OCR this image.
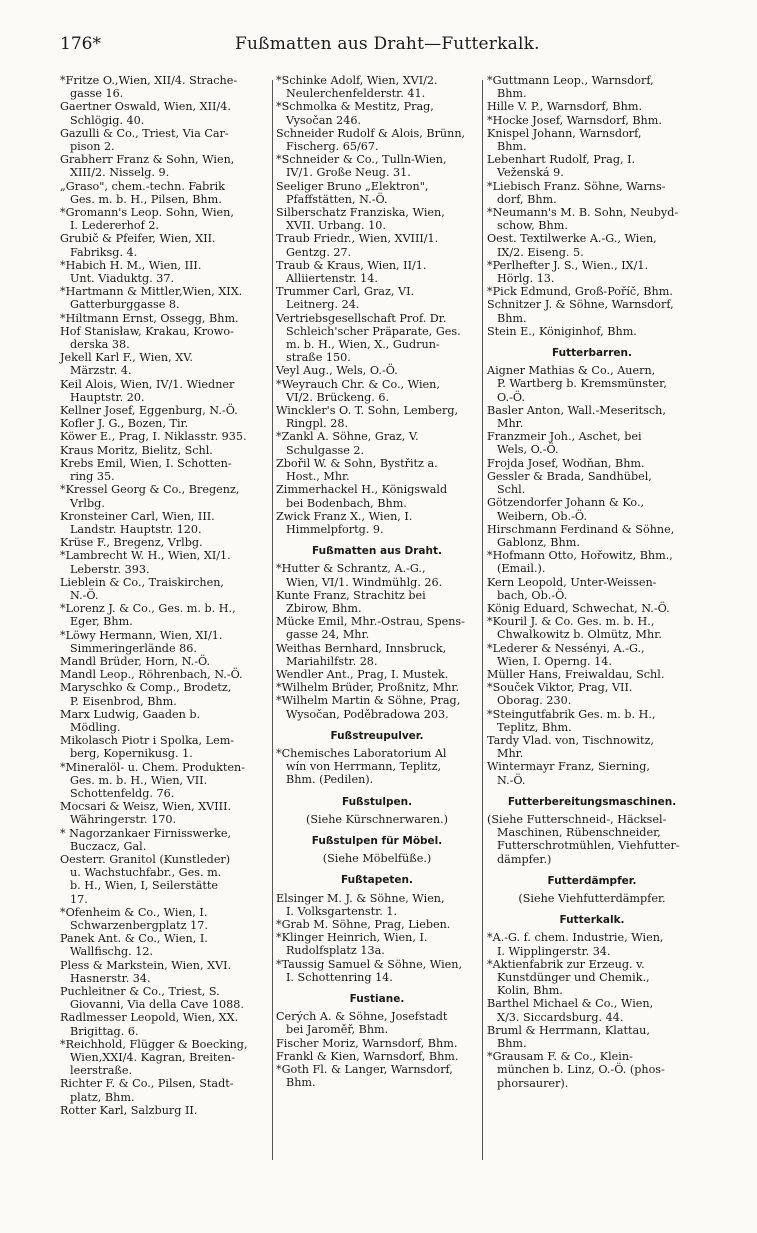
176*	Fußmatten aus Draht—Futterkalk.
*Fritze O.,Wien, XII/4. Strache-
gasse 16.
Gaertner Oswald, Wien, XII/4.
Schlögig. 40.
Gazulli & Co., Triest, Via Car-
pison 2.
Grabherr Franz & Sohn, Wien,
XIII/2. Nisselg. 9.
„Graso", chem.-techn. Fabrik
Ges. m. b. H., Pilsen, Bhm.
*Gromann's Leop. Sohn, Wien,
I. Ledererhof 2.
Grubič & Pfeifer, Wien, XII.
Fabriksg. 4.
*Habich H. M., Wien, III.
Unt. Viaduktg. 37.
*Hartmann & Mittler,Wien, XIX.
Gatterburggasse 8.
*Hiltmann Ernst, Ossegg, Bhm.
Hof Stanisław, Krakau, Krowo-
derska 38.
Jekell Karl F., Wien, XV.
Märzstr. 4.
Keil Alois, Wien, IV/1. Wiedner
Hauptstr. 20.
Kellner Josef, Eggenburg, N.-Ö.
Kofler J. G., Bozen, Tir.
Köwer E., Prag, I. Niklasstr. 935.
Kraus Moritz, Bielitz, Schl.
Krebs Emil, Wien, I. Schotten-
ring 35.
*Kressel Georg & Co., Bregenz,
Vrlbg.
Kronsteiner Carl, Wien, III.
Landstr. Hauptstr. 120.
Krüse F., Bregenz, Vrlbg.
*Lambrecht W. H., Wien, XI/1.
Leberstr. 393.
Lieblein & Co., Traiskirchen,
N.-Ö.
*Lorenz J. & Co., Ges. m. b. H.,
Eger, Bhm.
*Löwy Hermann, Wien, XI/1.
Simmeringerlände 86.
Mandl Brüder, Horn, N.-Ö.
Mandl Leop., Röhrenbach, N.-Ö.
Maryschko & Comp., Brodetz,
P. Eisenbrod, Bhm.
Marx Ludwig, Gaaden b.
Mödling.
Mikolasch Piotr i Spolka, Lem-
berg, Kopernikusg. 1.
*Mineralöl- u. Chem. Produkten-
Ges. m. b. H., Wien, VII.
Schottenfeldg. 76.
Mocsari & Weisz, Wien, XVIII.
Währingerstr. 170.
* Nagorzankaer Firnisswerke,
Buczacz, Gal.
Oesterr. Granitol (Kunstleder)
u. Wachstuchfabr., Ges. m.
b. H., Wien, I, Seilerstätte
17.
*Ofenheim & Co., Wien, I.
Schwarzenbergplatz 17.
Panek Ant. & Co., Wien, I.
Wallfischg. 12.
Pless & Markstein, Wien, XVI.
Hasnerstr. 34.
Puchleitner & Co., Triest, S.
Giovanni, Via della Cave 1088.
Radlmesser Leopold, Wien, XX.
Brigittag. 6.
*Reichhold, Flügger & Boecking,
Wien,XXI/4. Kagran, Breiten-
leerstraße.
Richter F. & Co., Pilsen, Stadt-
platz, Bhm.
Rotter Karl, Salzburg II.
*Schinke Adolf, Wien, XVI/2.
Neulerchenfelderstr. 41.
*Schmolka & Mestitz, Prag,
Vysočan 246.
Schneider Rudolf & Alois, Brünn,
Fischerg. 65/67.
*Schneider & Co., Tulln-Wien,
IV/1. Große Neug. 31.
Seeliger Bruno „Elektron",
Pfaffstätten, N.-Ö.
Silberschatz Franziska, Wien,
XVII. Urbang. 10.
Traub Friedr., Wien, XVIII/1.
Gentzg. 27.
Traub & Kraus, Wien, II/1.
Alliiertenstr. 14.
Trummer Carl, Graz, VI.
Leitnerg. 24.
Vertriebsgesellschaft Prof. Dr.
Schleich'scher Präparate, Ges.
m. b. H., Wien, X., Gudrun-
straße 150.
Veyl Aug., Wels, O.-Ö.
*Weyrauch Chr. & Co., Wien,
VI/2. Brückeng. 6.
Winckler's O. T. Sohn, Lemberg,
Ringpl. 28.
*Zankl A. Söhne, Graz, V.
Schulgasse 2.
Zbořil W. & Sohn, Bystřitz a.
Host., Mhr.
Zimmerhackel H., Königswald
bei Bodenbach, Bhm.
Zwick Franz X., Wien, I.
Himmelpfortg. 9.
Fußmatten aus Draht.
*Hutter & Schrantz, A.-G.,
Wien, VI/1. Windmühlg. 26.
Kunte Franz, Strachitz bei
Zbirow, Bhm.
Mücke Emil, Mhr.-Ostrau, Spens-
gasse 24, Mhr.
Weithas Bernhard, Innsbruck,
Mariahilfstr. 28.
Wendler Ant., Prag, I. Mustek.
*Wilhelm Brüder, Proßnitz, Mhr.
*Wilhelm Martin & Söhne, Prag,
Wysočan, Poděbradowa 203.
Fußstreupulver.
*Chemisches Laboratorium Al
wín von Herrmann, Teplitz,
Bhm. (Pedilen).
Fußstulpen.
(Siehe Kürschnerwaren.)
Fußstulpen für Möbel.
(Siehe Möbelfüße.)
Fußtapeten.
Elsinger M. J. & Söhne, Wien,
I. Volksgartenstr. 1.
*Grab M. Söhne, Prag, Lieben.
*Klinger Heinrich, Wien, I.
Rudolfsplatz 13a.
*Taussig Samuel & Söhne, Wien,
I. Schottenring 14.
Fustiane.
Cerých A. & Söhne, Josefstadt
bei Jaroměř, Bhm.
Fischer Moriz, Warnsdorf, Bhm.
Frankl & Kien, Warnsdorf, Bhm.
*Goth Fl. & Langer, Warnsdorf,
Bhm.
*Guttmann Leop., Warnsdorf,
Bhm.
Hille V. P., Warnsdorf, Bhm.
*Hocke Josef, Warnsdorf, Bhm.
Knispel Johann, Warnsdorf,
Bhm.
Lebenhart Rudolf, Prag, I.
Veženská 9.
*Liebisch Franz. Söhne, Warns-
dorf, Bhm.
*Neumann's M. B. Sohn, Neubyd-
schow, Bhm.
Oest. Textilwerke A.-G., Wien,
IX/2. Eiseng. 5.
*Perlhefter J. S., Wien., IX/1.
Hörlg. 13.
*Pick Edmund, Groß-Poříč, Bhm.
Schnitzer J. & Söhne, Warnsdorf,
Bhm.
Stein E., Königinhof, Bhm.
Futterbarren.
Aigner Mathias & Co., Auern,
P. Wartberg b. Kremsmünster,
O.-Ö.
Basler Anton, Wall.-Meseritsch,
Mhr.
Franzmeir Joh., Aschet, bei
Wels, O.-Ö.
Frojda Josef, Wodňan, Bhm.
Gessler & Brada, Sandhübel,
Schl.
Götzendorfer Johann & Ko.,
Weibern, Ob.-Ö.
Hirschmann Ferdinand & Söhne,
Gablonz, Bhm.
*Hofmann Otto, Hořowitz, Bhm.,
(Email.).
Kern Leopold, Unter-Weissen-
bach, Ob.-Ö.
König Eduard, Schwechat, N.-Ö.
*Kouril J. & Co. Ges. m. b. H.,
Chwalkowitz b. Olmütz, Mhr.
*Lederer & Nessényi, A.-G.,
Wien, I. Operng. 14.
Müller Hans, Freiwaldau, Schl.
*Souček Viktor, Prag, VII.
Oborag. 230.
*Steingutfabrik Ges. m. b. H.,
Teplitz, Bhm.
Tardy Vlad. von, Tischnowitz,
Mhr.
Wintermayr Franz, Sierning,
N.-Ö.
Futterbereitungsmaschinen.
(Siehe Futterschneid-, Häcksel-
Maschinen, Rübenschneider,
Futterschrotmühlen, Viehfutter-
dämpfer.)
Futterdämpfer.
(Siehe Viehfutterdämpfer.
Futterkalk.
*A.-G. f. chem. Industrie, Wien,
I. Wipplingerstr. 34.
*Aktienfabrik zur Erzeug. v.
Kunstdünger und Chemik.,
Kolin, Bhm.
Barthel Michael & Co., Wien,
X/3. Siccardsburg. 44.
Bruml & Herrmann, Klattau,
Bhm.
*Grausam F. & Co., Klein-
münchen b. Linz, O.-Ö. (phos-
phorsaurer).
